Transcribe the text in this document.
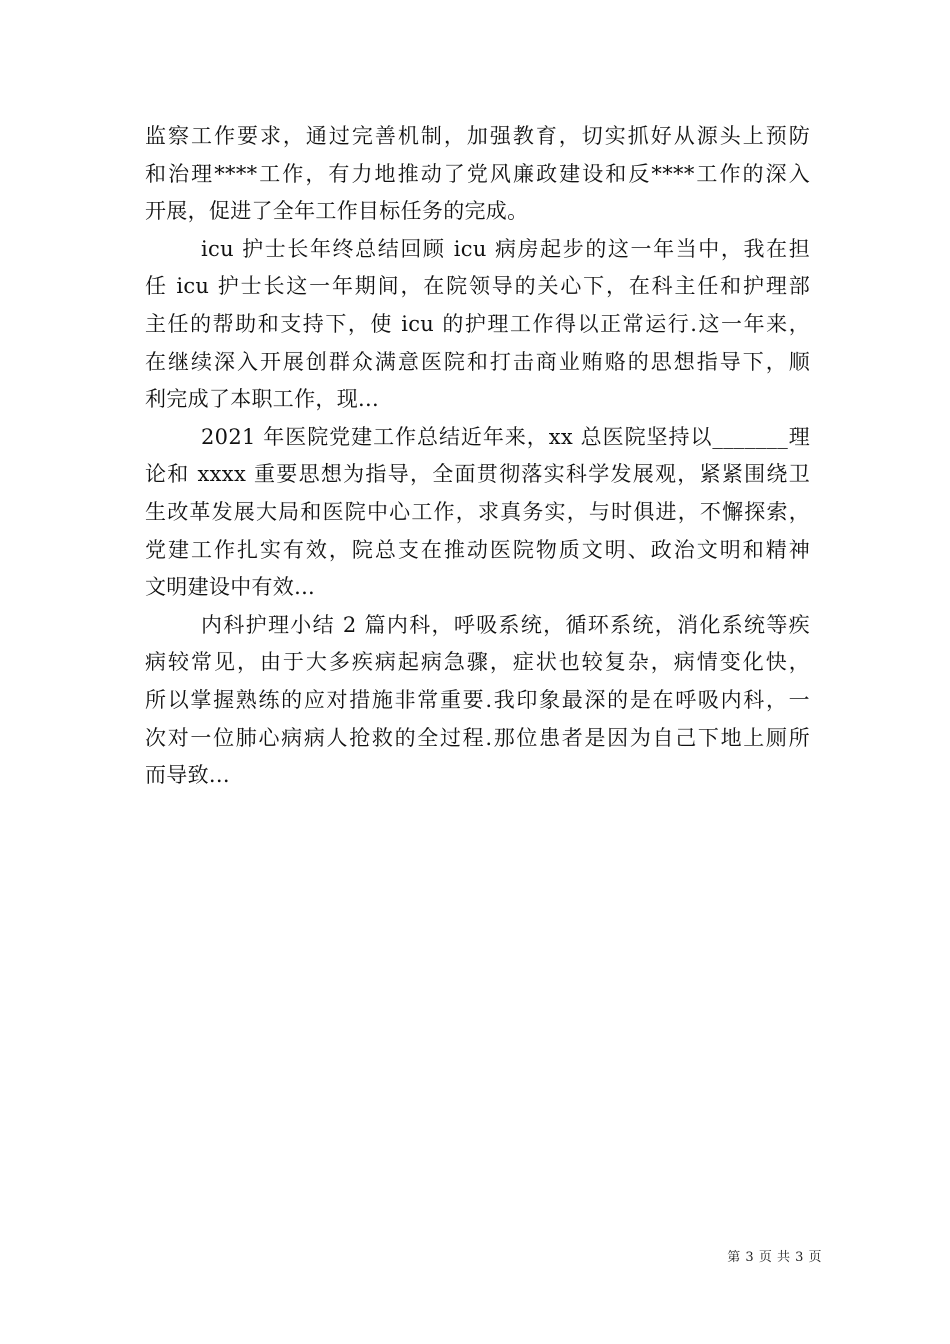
监察工作要求，通过完善机制，加强教育，切实抓好从源头上预防
和治理****工作，有力地推动了党风廉政建设和反****工作的深入
开展，促进了全年工作目标任务的完成。
icu 护士长年终总结回顾 icu 病房起步的这一年当中，我在担
任 icu 护士长这一年期间，在院领导的关心下，在科主任和护理部
主任的帮助和支持下，使 icu 的护理工作得以正常运行.这一年来，
在继续深入开展创群众满意医院和打击商业贿赂的思想指导下，顺
利完成了本职工作，现...
2021 年医院党建工作总结近年来，xx 总医院坚持以_______理
论和 xxxx 重要思想为指导，全面贯彻落实科学发展观，紧紧围绕卫
生改革发展大局和医院中心工作，求真务实，与时俱进，不懈探索，
党建工作扎实有效，院总支在推动医院物质文明、政治文明和精神
文明建设中有效...
内科护理小结 2 篇内科，呼吸系统，循环系统，消化系统等疾
病较常见，由于大多疾病起病急骤，症状也较复杂，病情变化快，
所以掌握熟练的应对措施非常重要.我印象最深的是在呼吸内科，一
次对一位肺心病病人抢救的全过程.那位患者是因为自己下地上厕所
而导致...
第 3 页 共 3 页
